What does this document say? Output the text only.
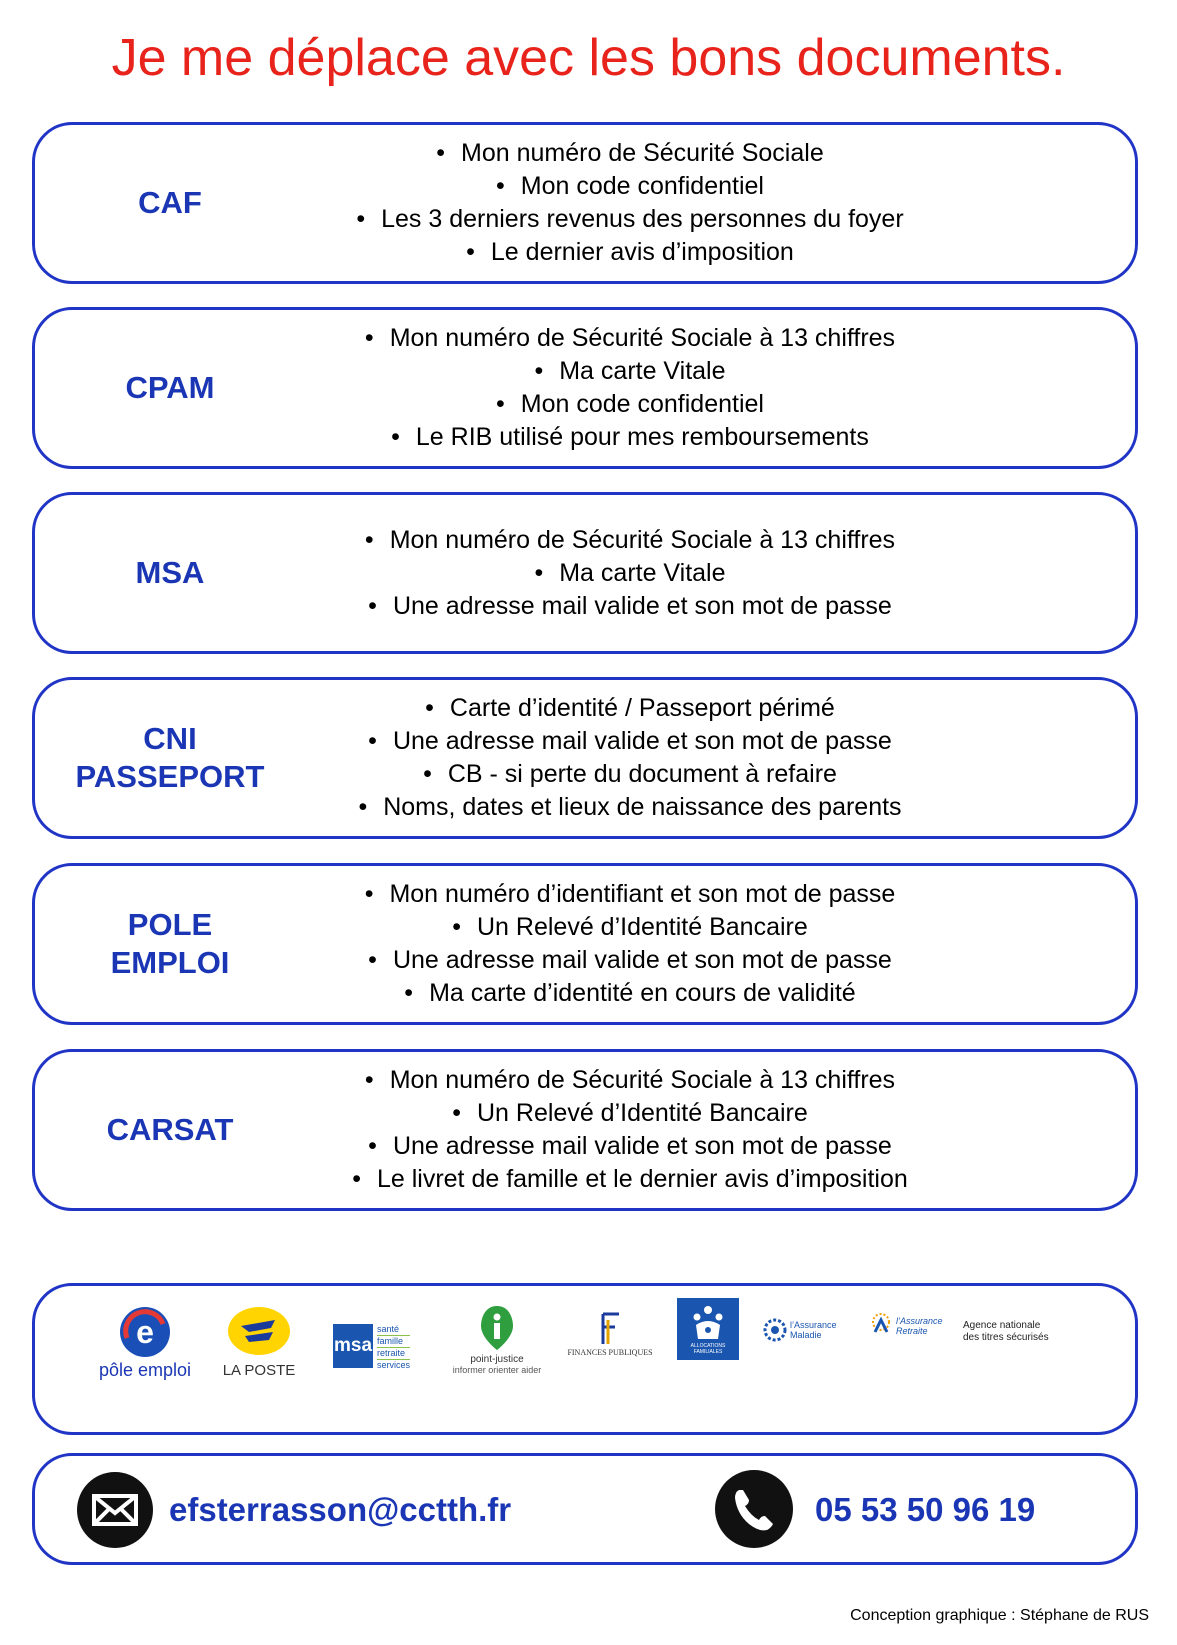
Je me déplace avec les bons documents.
CAF
• Mon numéro de Sécurité Sociale
• Mon code confidentiel
• Les 3 derniers revenus des personnes du foyer
• Le dernier avis d’imposition
CPAM
• Mon numéro de Sécurité Sociale à 13 chiffres
• Ma carte Vitale
• Mon code confidentiel
• Le RIB utilisé pour mes remboursements
MSA
• Mon numéro de Sécurité Sociale à 13 chiffres
• Ma carte Vitale
• Une adresse mail valide et son mot de passe
CNI
PASSEPORT
• Carte d’identité / Passeport périmé
• Une adresse mail valide et son mot de passe
• CB - si perte du document à refaire
• Noms, dates et lieux de naissance des parents
POLE
EMPLOI
• Mon numéro d’identifiant et son mot de passe
• Un Relevé d’Identité Bancaire
• Une adresse mail valide et son mot de passe
• Ma carte d’identité en cours de validité
CARSAT
• Mon numéro de Sécurité Sociale à 13 chiffres
• Un Relevé d’Identité Bancaire
• Une adresse mail valide et son mot de passe
• Le livret de famille et le dernier avis d’imposition
e
pôle emploi LA POSTE
msa
santé
famille
retraite
services	point-justice
informer orienter aider
FINANCES PUBLIQUES
ALLOCATIONS FAMILIALES
l’Assurance Maladie
l’Assurance Retraite	Agence nationale
des titres sécurisés
efsterrasson@cctth.fr	05 53 50 96 19
Conception graphique : Stéphane de RUS
